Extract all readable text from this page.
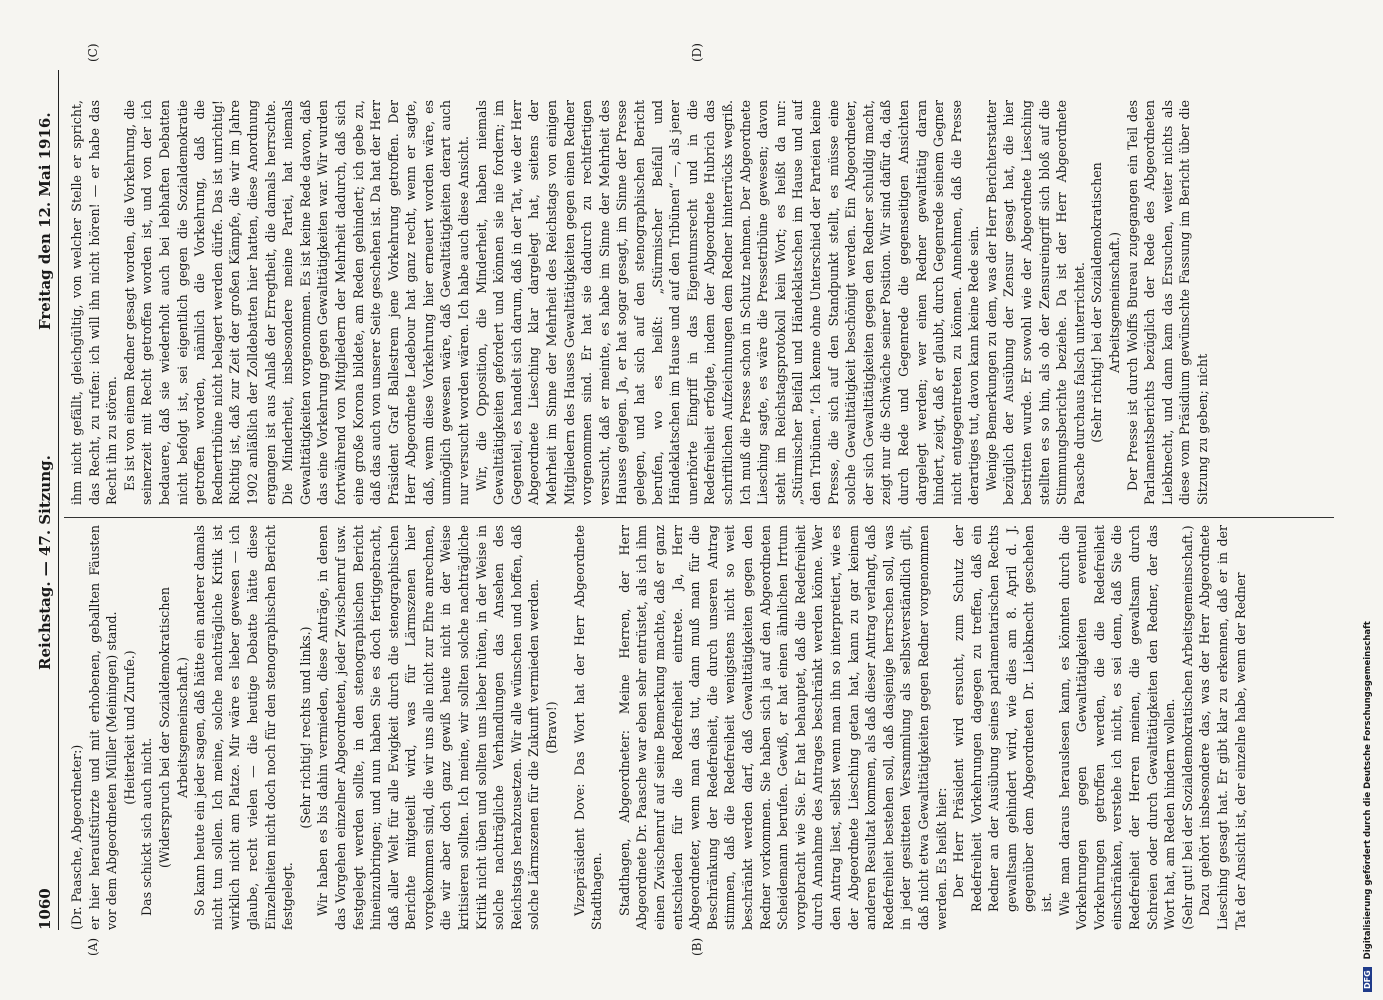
1060
Reichstag. — 47. Sitzung.
Freitag den 12. Mai 1916.
(A)	(B)
(C)	(D)

(Dr. Paasche, Abgeordneter:) er hier heraufstürzte und mit erhobenen, geballten Fäusten vor dem Abgeordneten Müller (Meiningen) stand. (Heiterkeit und Zurufe.)

Das schickt sich auch nicht. (Widerspruch bei der Sozialdemokratischen Arbeitsgemeinschaft.) So kann heute ein jeder sagen, daß hätte ein anderer damals nicht tun sollen. Ich meine, solche nachträgliche Kritik ist wirklich nicht am Platze. Mir wäre es lieber gewesen — ich glaube, recht vielen — die heutige Debatte hätte diese Einzelheiten nicht doch noch für den stenographischen Bericht festgelegt.

(Sehr richtig! rechts und links.) Wir haben es bis dahin vermieden, diese Anträge, in denen das Vorgehen einzelner Abgeordneten, jeder Zwischenruf usw. festgelegt werden sollte, in den stenographischen Bericht hineinzubringen; und nun haben Sie es doch fertiggebracht, daß aller Welt für alle Ewigkeit durch die stenographischen Berichte mitgeteilt wird, was für Lärmszenen hier vorgekommen sind, die wir uns alle nicht zur Ehre anrechnen, die wir aber doch ganz gewiß heute nicht in der Weise kritisieren sollten. Ich meine, wir sollten solche nachträgliche Kritik nicht üben und sollten uns lieber hüten, in der Weise in solche nachträgliche Verhandlungen das Ansehen des Reichstags herabzusetzen. Wir alle wünschen und hoffen, daß solche Lärmszenen für die Zukunft vermieden werden. (Bravo!) Vizepräsident Dove: Das Wort hat der Herr Abgeordnete Stadthagen. Stadthagen, Abgeordneter: Meine Herren, der Herr Abgeordnete Dr. Paasche war eben sehr entrüstet, als ich ihm einen Zwischenruf auf seine Bemerkung machte, daß er ganz entschieden für die Redefreiheit eintrete. Ja, Herr Abgeordneter, wenn man das tut, dann muß man für die Beschränkung der Redefreiheit, die durch unseren Antrag stimmen, daß die Redefreiheit wenigstens nicht so weit beschränkt werden darf, daß Gewalttätigkeiten gegen den Redner vorkommen. Sie haben sich ja auf den Abgeordneten Scheidemann berufen. Gewiß, er hat einen ähnlichen Irrtum vorgebracht wie Sie. Er hat behauptet, daß die Redefreiheit durch Annahme des Antrages beschränkt werden könne. Wer den Antrag liest, selbst wenn man ihn so interpretiert, wie es der Abgeordnete Liesching getan hat, kann zu gar keinem anderen Resultat kommen, als daß dieser Antrag verlangt, daß Redefreiheit bestehen soll, daß dasjenige herrschen soll, was in jeder gesitteten Versammlung als selbstverständlich gilt, daß nicht etwa Gewalttätigkeiten gegen Redner vorgenommen werden. Es heißt hier: Der Herr Präsident wird ersucht, zum Schutz der Redefreiheit Vorkehrungen dagegen zu treffen, daß ein Redner an der Ausübung seines parlamentarischen Rechts gewaltsam gehindert wird, wie dies am 8. April d. J. gegenüber dem Abgeordneten Dr. Liebknecht geschehen ist. Wie man daraus herauslesen kann, es könnten durch die Vorkehrungen gegen Gewalttätigkeiten eventuell Vorkehrungen getroffen werden, die die Redefreiheit einschränken, verstehe ich nicht, es sei denn, daß Sie die Redefreiheit der Herren meinen, die gewaltsam durch Schreien oder durch Gewalttätigkeiten den Redner, der das Wort hat, am Reden hindern wollen. (Sehr gut! bei der Sozialdemokratischen Arbeitsgemeinschaft.) Dazu gehört insbesondere das, was der Herr Abgeordnete Liesching gesagt hat. Er gibt klar zu erkennen, daß er in der Tat der Ansicht ist, der einzelne habe, wenn der Redner

ihm nicht gefällt, gleichgültig, von welcher Stelle er spricht, das Recht, zu rufen: ich will ihn nicht hören! — er habe das Recht ihn zu stören. Es ist von einem Redner gesagt worden, die Vorkehrung, die seinerzeit mit Recht getroffen worden ist, und von der ich bedauere, daß sie wiederholt auch bei lebhaften Debatten nicht befolgt ist, sei eigentlich gegen die Sozialdemokratie getroffen worden, nämlich die Vorkehrung, daß die Rednertribüne nicht belagert werden dürfe. Das ist unrichtig! Richtig ist, daß zur Zeit der großen Kämpfe, die wir im Jahre 1902 anläßlich der Zolldebatten hier hatten, diese Anordnung ergangen ist aus Anlaß der Erregtheit, die damals herrschte. Die Minderheit, insbesondere meine Partei, hat niemals Gewalttätigkeiten vorgenommen. Es ist keine Rede davon, daß das eine Vorkehrung gegen Gewalttätigkeiten war. Wir wurden fortwährend von Mitgliedern der Mehrheit dadurch, daß sich eine große Korona bildete, am Reden gehindert; ich gebe zu, daß das auch von unserer Seite geschehen ist. Da hat der Herr Präsident Graf Ballestrem jene Vorkehrung getroffen. Der Herr Abgeordnete Ledebour hat ganz recht, wenn er sagte, daß, wenn diese Vorkehrung hier erneuert worden wäre, es unmöglich gewesen wäre, daß Gewalttätigkeiten derart auch nur versucht worden wären. Ich habe auch diese Ansicht. Wir, die Opposition, die Minderheit, haben niemals Gewalttätigkeiten gefordert und können sie nie fordern; im Gegenteil, es handelt sich darum, daß in der Tat, wie der Herr Abgeordnete Liesching klar dargelegt hat, seitens der Mehrheit im Sinne der Mehrheit des Reichstags von einigen Mitgliedern des Hauses Gewalttätigkeiten gegen einen Redner vorgenommen sind. Er hat sie dadurch zu rechtfertigen versucht, daß er meinte, es habe im Sinne der Mehrheit des Hauses gelegen. Ja, er hat sogar gesagt, im Sinne der Presse gelegen, und hat sich auf den stenographischen Bericht berufen, wo es heißt: „Stürmischer Beifall und Händeklatschen im Hause und auf den Tribünen“ —, als jener unerhörte Eingriff in das Eigentumsrecht und in die Redefreiheit erfolgte, indem der Abgeordnete Hubrich das schriftlichen Aufzeichnungen dem Redner hinterrücks wegriß. Ich muß die Presse schon in Schutz nehmen. Der Abgeordnete Liesching sagte, es wäre die Pressetribüne gewesen; davon steht im Reichstagsprotokoll kein Wort; es heißt da nur: „Stürmischer Beifall und Händeklatschen im Hause und auf den Tribünen.“ Ich kenne ohne Unterschied der Parteien keine Presse, die sich auf den Standpunkt stellt, es müsse eine solche Gewalttätigkeit beschönigt werden. Ein Abgeordneter, der sich Gewalttätigkeiten gegen den Redner schuldig macht, zeigt nur die Schwäche seiner Position. Wir sind dafür da, daß durch Rede und Gegenrede die gegenseitigen Ansichten dargelegt werden; wer einen Redner gewalttätig daran hindert, zeigt, daß er glaubt, durch Gegenrede seinem Gegner nicht entgegentreten zu können. Annehmen, daß die Presse derartiges tut, davon kann keine Rede sein. Wenige Bemerkungen zu dem, was der Herr Berichterstatter bezüglich der Ausübung der Zensur gesagt hat, die hier bestritten wurde. Er sowohl wie der Abgeordnete Liesching stellten es so hin, als ob der Zensureingriff sich bloß auf die Stimmungsberichte beziehe. Da ist der Herr Abgeordnete Paasche durchaus falsch unterrichtet. (Sehr richtig! bei der Sozialdemokratischen Arbeitsgemeinschaft.) Der Presse ist durch Wolffs Bureau zugegangen ein Teil des Parlamentsberichts bezüglich der Rede des Abgeordneten Liebknecht, und dann kam das Ersuchen, weiter nichts als diese vom Präsidium gewünschte Fassung im Bericht über die Sitzung zu geben; nicht

DFGDigitalisierung gefördert durch die Deutsche Forschungsgemeinschaft
